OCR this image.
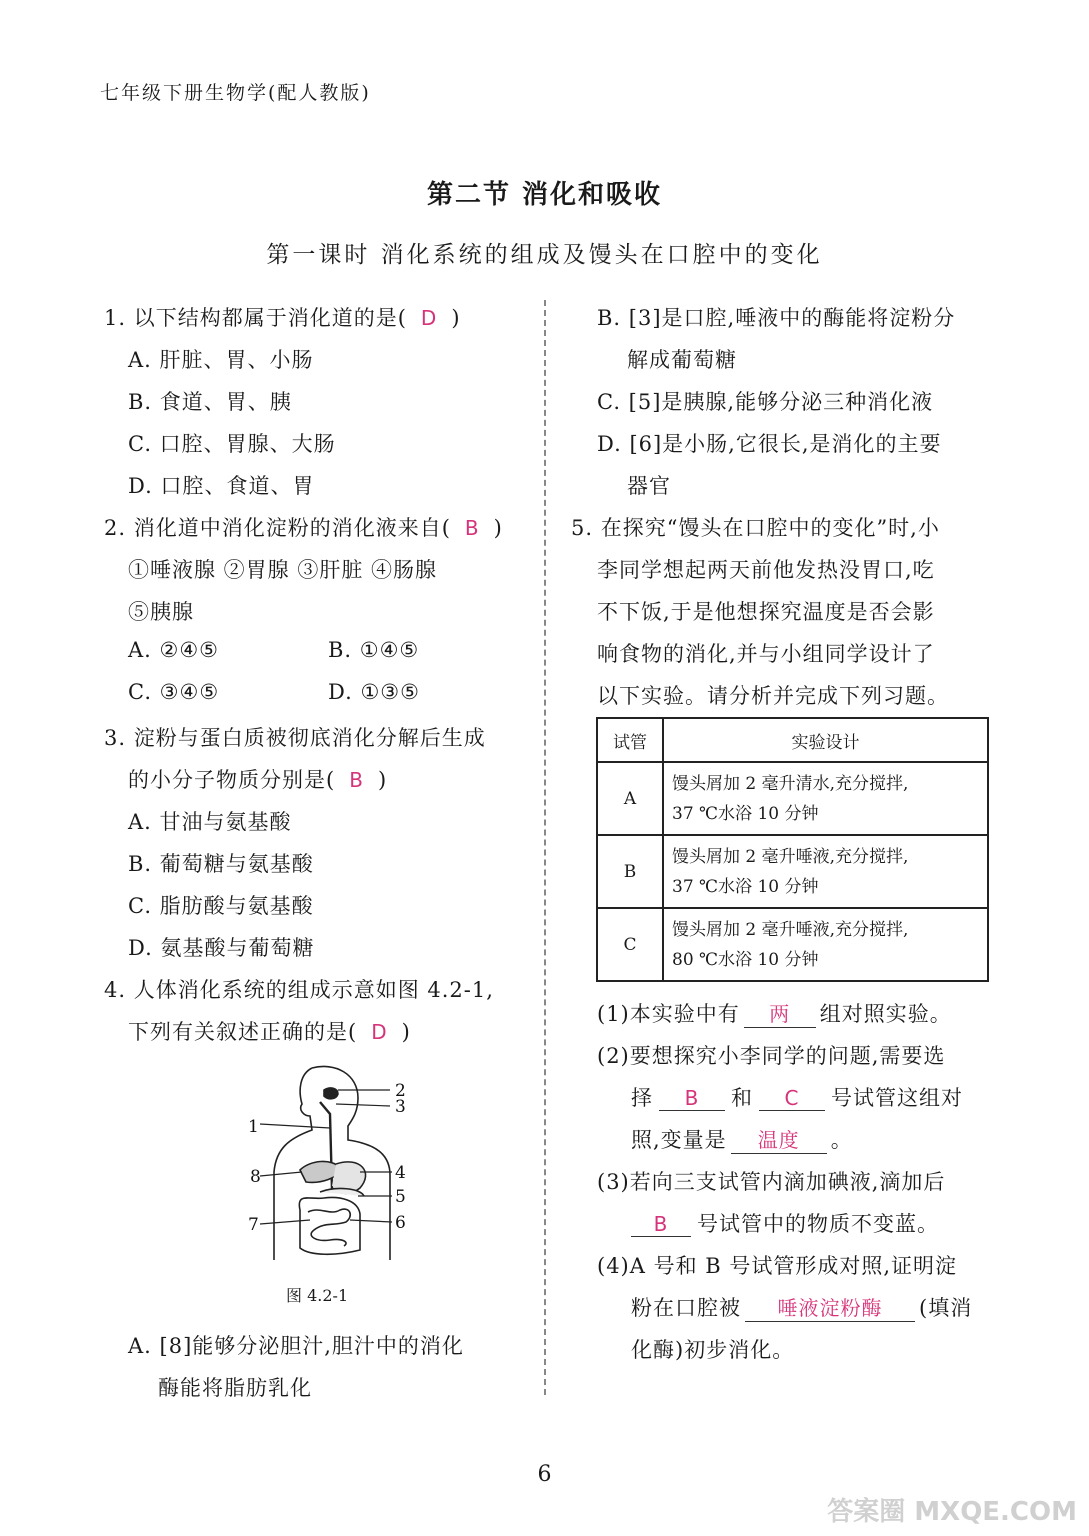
七年级下册生物学(配人教版)
第二节 消化和吸收
第一课时 消化系统的组成及馒头在口腔中的变化
1. 以下结构都属于消化道的是( D )
A. 肝脏、胃、小肠
B. 食道、胃、胰
C. 口腔、胃腺、大肠
D. 口腔、食道、胃
2. 消化道中消化淀粉的消化液来自( B )
①唾液腺 ②胃腺 ③肝脏 ④肠腺
⑤胰腺
A. ②④⑤	B. ①④⑤
C. ③④⑤	D. ①③⑤
3. 淀粉与蛋白质被彻底消化分解后生成
的小分子物质分别是( B )
A. 甘油与氨基酸
B. 葡萄糖与氨基酸
C. 脂肪酸与氨基酸
D. 氨基酸与葡萄糖
4. 人体消化系统的组成示意如图 4.2-1,
下列有关叙述正确的是( D )
2
3
1
4
8
5
6
7
图 4.2-1
A. [8]能够分泌胆汁,胆汁中的消化
酶能将脂肪乳化
B. [3]是口腔,唾液中的酶能将淀粉分
解成葡萄糖
C. [5]是胰腺,能够分泌三种消化液
D. [6]是小肠,它很长,是消化的主要
器官
5. 在探究“馒头在口腔中的变化”时,小
李同学想起两天前他发热没胃口,吃
不下饭,于是他想探究温度是否会影
响食物的消化,并与小组同学设计了
以下实验。请分析并完成下列习题。
试管	实验设计
A	馒头屑加 2 毫升清水,充分搅拌,
37 ℃水浴 10 分钟

B	馒头屑加 2 毫升唾液,充分搅拌,
37 ℃水浴 10 分钟

C	馒头屑加 2 毫升唾液,充分搅拌,
80 ℃水浴 10 分钟
(1)本实验中有 两 组对照实验。
(2)要想探究小李同学的问题,需要选
择 B 和 C 号试管这组对
照,变量是 温度 。
(3)若向三支试管内滴加碘液,滴加后
B 号试管中的物质不变蓝。
(4)A 号和 B 号试管形成对照,证明淀
粉在口腔被 唾液淀粉酶 (填消
化酶)初步消化。
6
答案圈 MXQE.COM
